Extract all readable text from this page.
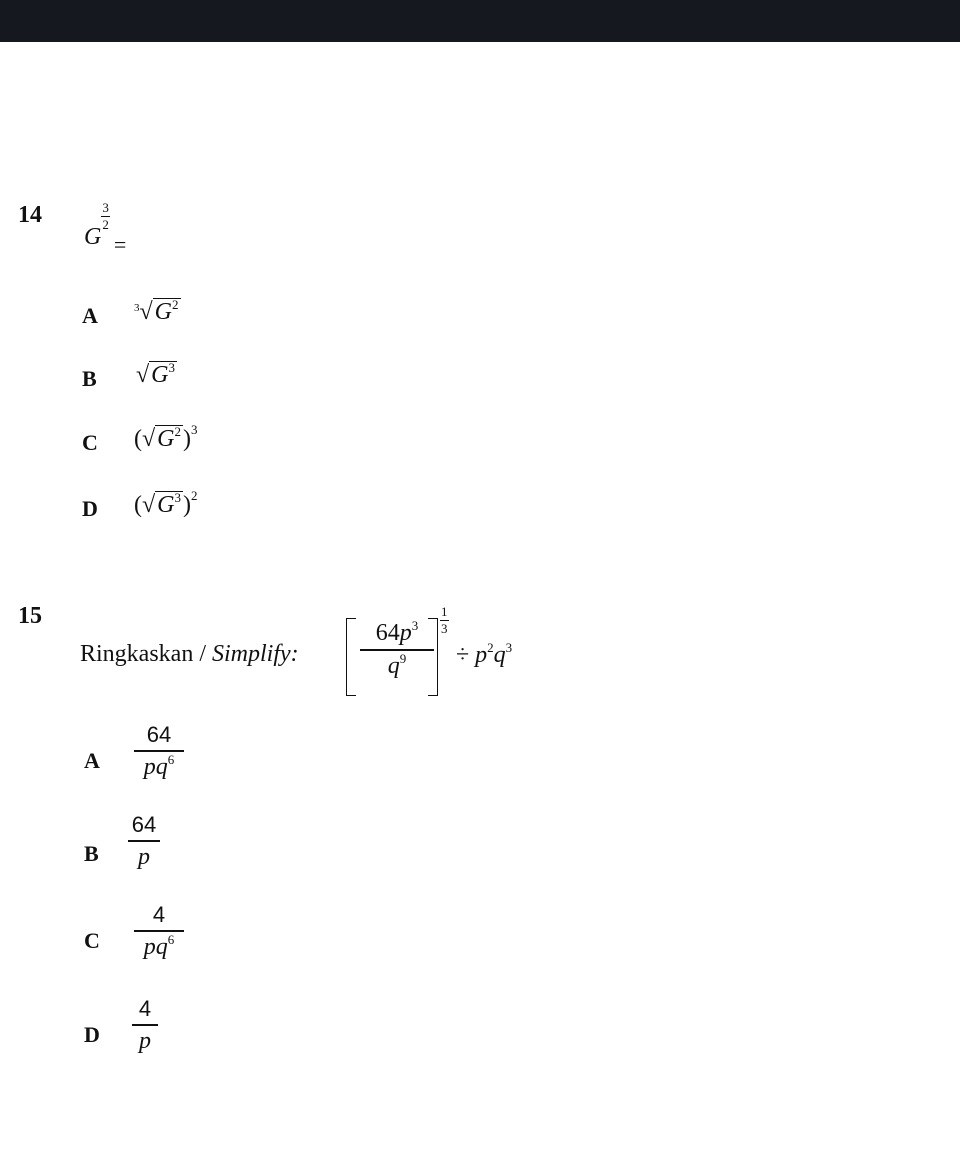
14
G
$\frac{3}{2}$
=
A	$^3√G^2$
B $√G^3$
C $(√G^2)^3$
D $(√G^3)^2$
15
Ringkaskan / Simplify:
$64p^3$
$q^9$
1
3
÷ $p^2q^3$
A
64
$pq^6$
B
64
p
C
4
$pq^6$
D
4
p
